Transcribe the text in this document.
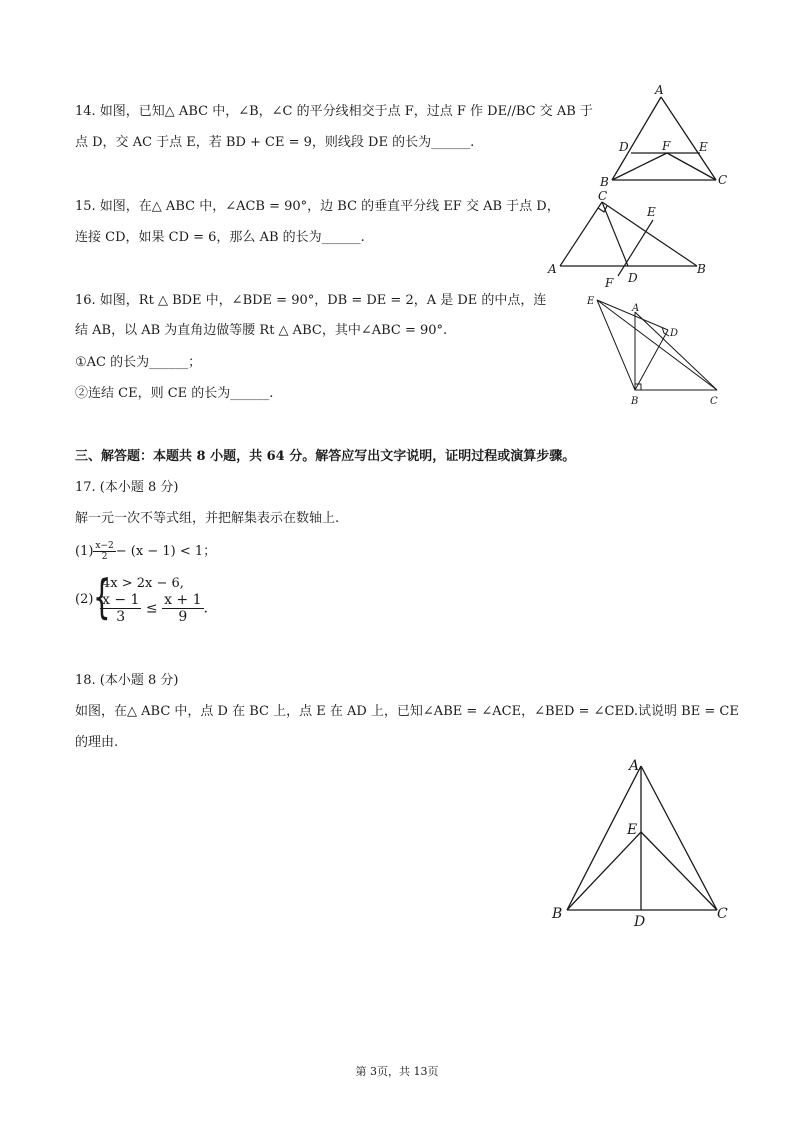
14. 如图，已知△ ABC 中，∠B，∠C 的平分线相交于点 F，过点 F 作 DE//BC 交 AB 于
点 D，交 AC 于点 E，若 BD + CE = 9，则线段 DE 的长为______.
A
D	F E
B	C
15. 如图，在△ ABC 中，∠ACB = 90°，边 BC 的垂直平分线 EF 交 AB 于点 D，
连接 CD，如果 CD = 6，那么 AB 的长为______.
C
E
A
F D
B
16. 如图，Rt △ BDE 中，∠BDE = 90°，DB = DE = 2，A 是 DE 的中点，连
结 AB，以 AB 为直角边做等腰 Rt △ ABC，其中∠ABC = 90°.
①AC 的长为______；
②连结 CE，则 CE 的长为______.
E
A
D
B	C
三、解答题：本题共 8 小题，共 64 分。解答应写出文字说明，证明过程或演算步骤。
17. (本小题 8 分)
解一元一次不等式组，并把解集表示在数轴上.
$(1) \frac{x-2}{2} - (x - 1) < 1$；
(2) {
4x > 2x − 6,
$\frac{x - 1}{3} \le \frac{x + 1}{9}$ .
18. (本小题 8 分)
如图，在△ ABC 中，点 D 在 BC 上，点 E 在 AD 上，已知∠ABE = ∠ACE，∠BED = ∠CED.试说明 BE = CE
的理由.
A
E
B	D	C
第 3页，共 13页
